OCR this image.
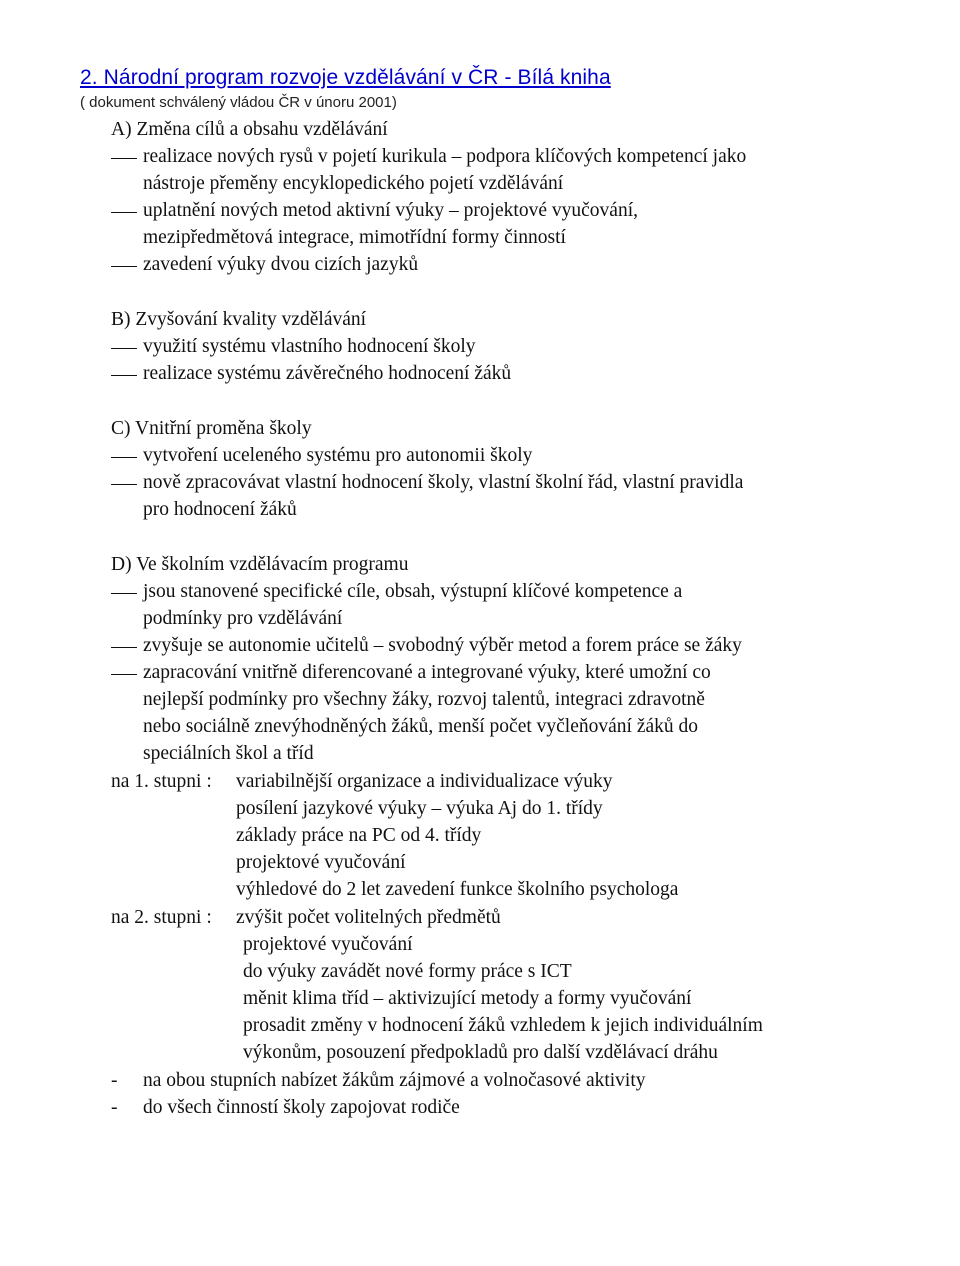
2. Národní program rozvoje vzdělávání v ČR - Bílá kniha
( dokument schválený vládou ČR v únoru 2001)
A) Změna cílů a obsahu vzdělávání
realizace nových rysů v pojetí kurikula – podpora klíčových kompetencí jako
nástroje přeměny encyklopedického pojetí vzdělávání
uplatnění nových metod aktivní výuky – projektové vyučování,
mezipředmětová integrace, mimotřídní formy činností
zavedení výuky dvou cizích jazyků
B) Zvyšování kvality vzdělávání
využití systému vlastního hodnocení školy
realizace systému závěrečného hodnocení žáků
C) Vnitřní proměna školy
vytvoření uceleného systému pro autonomii školy
nově zpracovávat vlastní hodnocení školy, vlastní školní řád, vlastní pravidla
pro hodnocení žáků
D) Ve školním vzdělávacím programu
jsou stanovené specifické cíle, obsah, výstupní klíčové kompetence a
podmínky pro vzdělávání
zvyšuje se autonomie učitelů – svobodný výběr metod a forem práce se žáky
zapracování vnitřně diferencované a integrované výuky, které umožní co
nejlepší podmínky pro všechny žáky, rozvoj talentů, integraci zdravotně
nebo sociálně znevýhodněných žáků, menší počet vyčleňování žáků do
speciálních škol a tříd
na 1. stupni : variabilnější organizace a individualizace výuky
posílení jazykové výuky – výuka Aj do 1. třídy
základy práce na PC od 4. třídy
projektové vyučování
výhledové do 2 let zavedení funkce školního psychologa
na 2. stupni : zvýšit počet volitelných předmětů
projektové vyučování
do výuky zavádět nové formy práce s ICT
měnit klima tříd – aktivizující metody a formy vyučování
prosadit změny v hodnocení žáků vzhledem k jejich individuálním
výkonům, posouzení předpokladů pro další vzdělávací dráhu
- na obou stupních nabízet žákům zájmové a volnočasové aktivity
- do všech činností školy zapojovat rodiče
